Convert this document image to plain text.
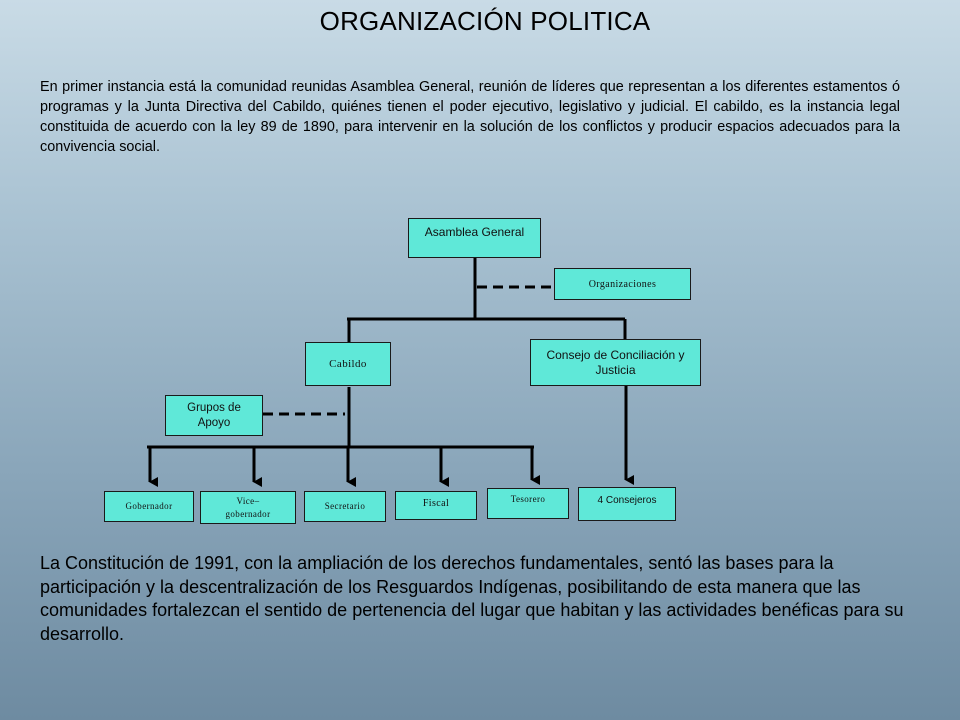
ORGANIZACIÓN POLITICA
En primer instancia está la comunidad reunidas Asamblea General, reunión de líderes que representan a los diferentes estamentos ó programas y la Junta Directiva del Cabildo, quiénes tienen el poder ejecutivo, legislativo y judicial. El cabildo, es la instancia legal constituida de acuerdo con la ley 89 de 1890, para intervenir en la solución de los conflictos y producir espacios adecuados para la convivencia social.
Asamblea General
Organizaciones
Cabildo
Consejo de Conciliación y Justicia
Grupos de Apoyo
Gobernador
Vice– gobernador
Secretario	Fiscal	Tesorero	4 Consejeros
La Constitución de 1991, con la ampliación de los derechos fundamentales, sentó las bases para la participación y la descentralización de los Resguardos Indígenas, posibilitando de esta manera que las comunidades fortalezcan el sentido de pertenencia del lugar que habitan y las actividades benéficas para su desarrollo.
